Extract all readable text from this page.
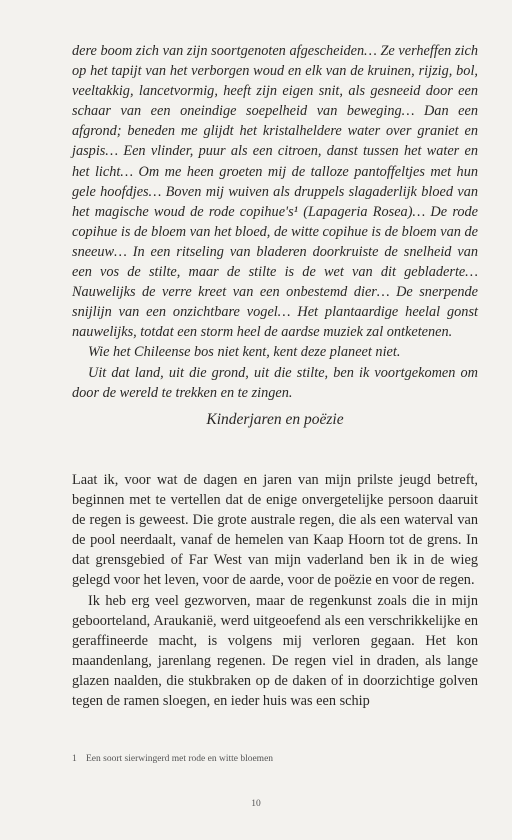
dere boom zich van zijn soortgenoten afgescheiden… Ze verheffen zich op het tapijt van het verborgen woud en elk van de kruinen, rijzig, bol, veeltakkig, lancetvormig, heeft zijn eigen snit, als gesneeid door een schaar van een oneindige soepelheid van beweging… Dan een afgrond; beneden me glijdt het kristalheldere water over graniet en jaspis… Een vlinder, puur als een citroen, danst tussen het water en het licht… Om me heen groeten mij de talloze pantoffeltjes met hun gele hoofdjes… Boven mij wuiven als druppels slagaderlijk bloed van het magische woud de rode copihue's¹ (Lapageria Rosea)… De rode copihue is de bloem van het bloed, de witte copihue is de bloem van de sneeuw… In een ritseling van bladeren doorkruiste de snelheid van een vos de stilte, maar de stilte is de wet van dit gebladerte… Nauwelijks de verre kreet van een onbestemd dier… De snerpende snijlijn van een onzichtbare vogel… Het plantaardige heelal gonst nauwelijks, totdat een storm heel de aardse muziek zal ontketenen.

Wie het Chileense bos niet kent, kent deze planeet niet.

Uit dat land, uit die grond, uit die stilte, ben ik voortgekomen om door de wereld te trekken en te zingen.

Kinderjaren en poëzie

Laat ik, voor wat de dagen en jaren van mijn prilste jeugd betreft, beginnen met te vertellen dat de enige onvergetelijke persoon daaruit de regen is geweest. Die grote australe regen, die als een waterval van de pool neerdaalt, vanaf de hemelen van Kaap Hoorn tot de grens. In dat grensgebied of Far West van mijn vaderland ben ik in de wieg gelegd voor het leven, voor de aarde, voor de poëzie en voor de regen.

Ik heb erg veel gezworven, maar de regenkunst zoals die in mijn geboorteland, Araukanië, werd uitgeoefend als een verschrikkelijke en geraffineerde macht, is volgens mij verloren gegaan. Het kon maandenlang, jarenlang regenen. De regen viel in draden, als lange glazen naalden, die stukbraken op de daken of in doorzichtige golven tegen de ramen sloegen, en ieder huis was een schip

1 Een soort sierwingerd met rode en witte bloemen
10
